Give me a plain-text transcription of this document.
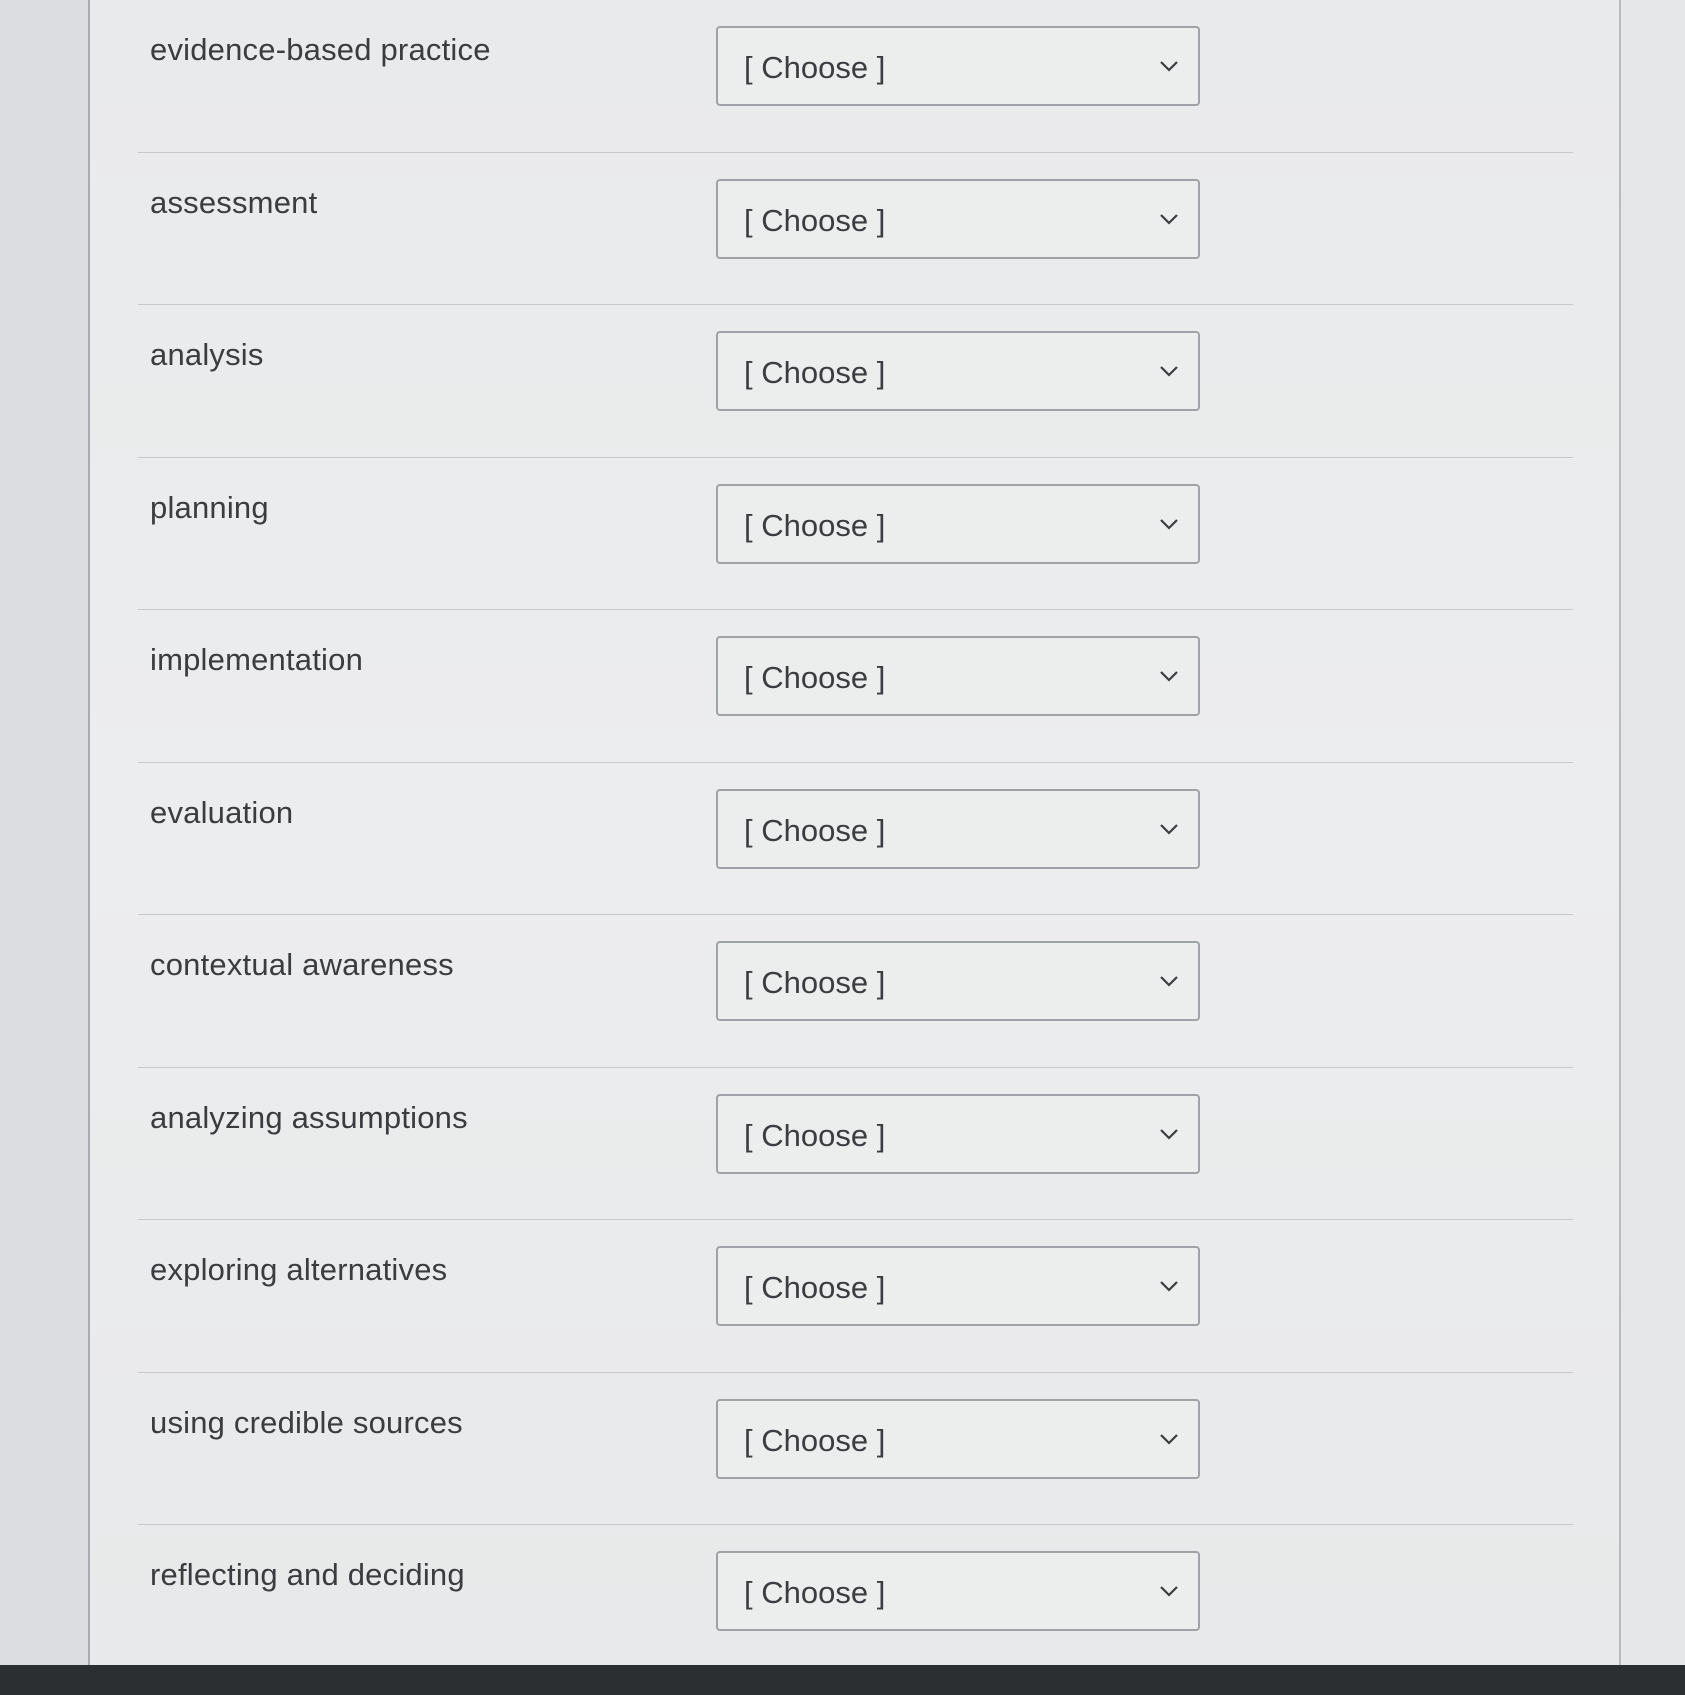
evidence-based practice
[ Choose ]
assessment
[ Choose ]
analysis
[ Choose ]
planning
[ Choose ]
implementation
[ Choose ]
evaluation
[ Choose ]
contextual awareness
[ Choose ]
analyzing assumptions
[ Choose ]
exploring alternatives
[ Choose ]
using credible sources
[ Choose ]
reflecting and deciding
[ Choose ]
